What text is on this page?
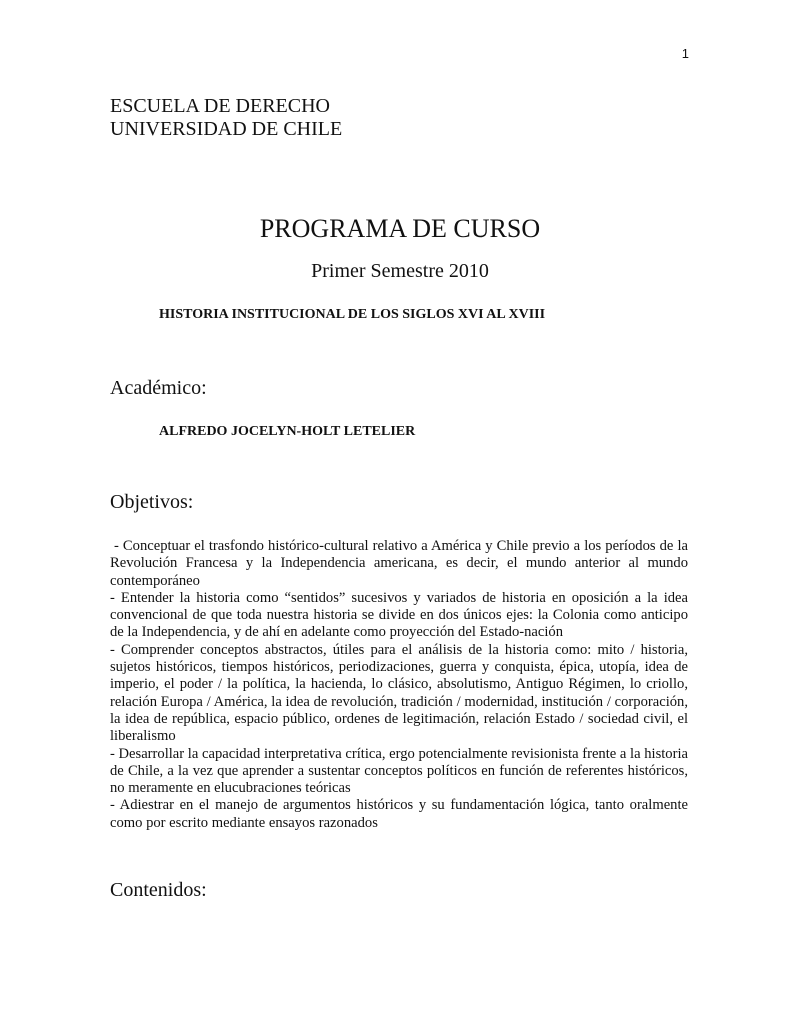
1
ESCUELA DE DERECHO
UNIVERSIDAD DE CHILE
PROGRAMA DE CURSO
Primer Semestre 2010
HISTORIA INSTITUCIONAL DE LOS SIGLOS XVI AL XVIII
Académico:
ALFREDO JOCELYN-HOLT LETELIER
Objetivos:

- Conceptuar el trasfondo histórico-cultural relativo a América y Chile previo a los períodos de la Revolución Francesa y la Independencia americana, es decir, el mundo anterior al mundo contemporáneo

- Entender la historia como “sentidos” sucesivos y variados de historia en oposición a la idea convencional de que toda nuestra historia se divide en dos únicos ejes: la Colonia como anticipo de la Independencia, y de ahí en adelante como proyección del Estado-nación

- Comprender conceptos abstractos, útiles para el análisis de la historia como: mito / historia, sujetos históricos, tiempos históricos, periodizaciones, guerra y conquista, épica, utopía, idea de imperio, el poder / la política, la hacienda, lo clásico, absolutismo, Antiguo Régimen, lo criollo, relación Europa / América, la idea de revolución, tradición / modernidad, institución / corporación, la idea de república, espacio público, ordenes de legitimación, relación Estado / sociedad civil, el liberalismo

- Desarrollar la capacidad interpretativa crítica, ergo potencialmente revisionista frente a la historia de Chile, a la vez que aprender a sustentar conceptos políticos en función de referentes históricos, no meramente en elucubraciones teóricas

- Adiestrar en el manejo de argumentos históricos y su fundamentación lógica, tanto oralmente como por escrito mediante ensayos razonados

Contenidos:
